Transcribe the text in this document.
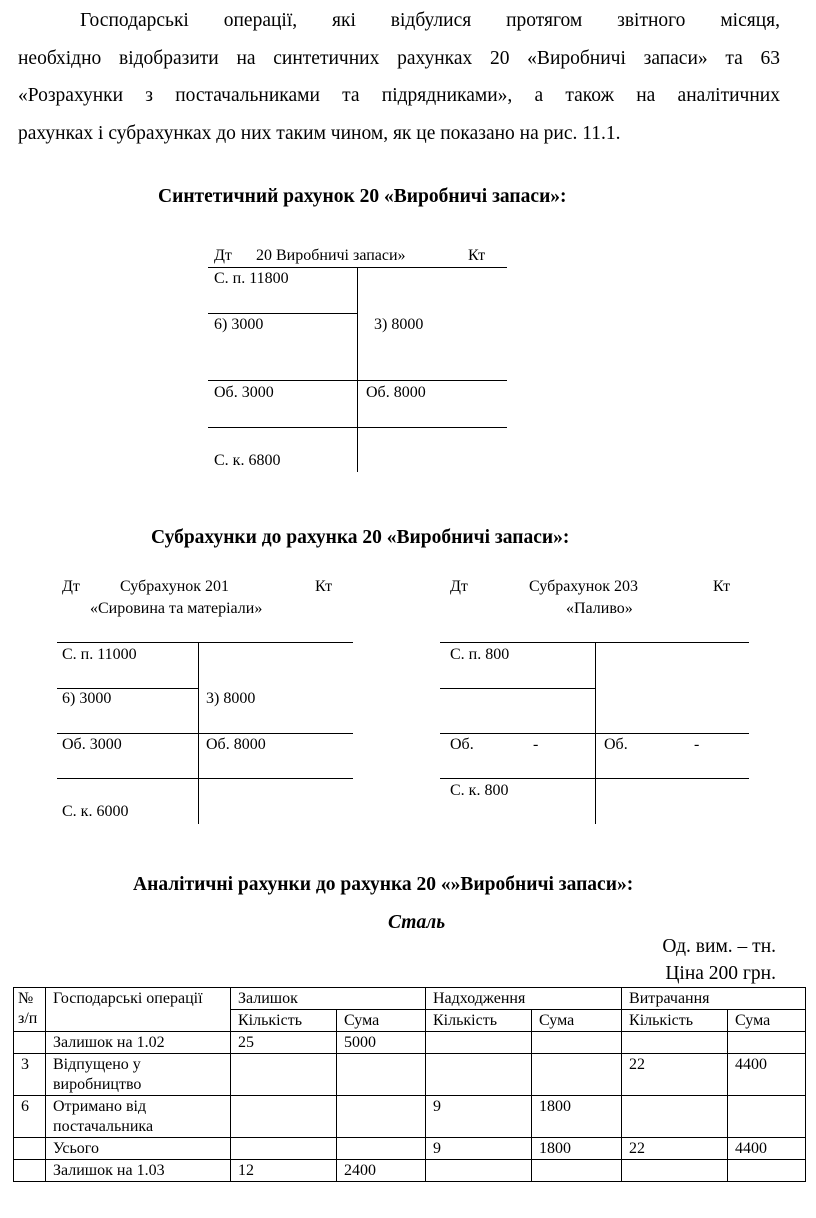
Господарські операції, які відбулися протягом звітного місяця,
необхідно відобразити на синтетичних рахунках 20 «Виробничі запаси» та 63
«Розрахунки з постачальниками та підрядниками», а також на аналітичних
рахунках і субрахунках до них таким чином, як це показано на рис. 11.1.
Синтетичний рахунок 20 «Виробничі запаси»:
Дт 20 Виробничі запаси»	Кт
С. п. 11800
6) 3000	3) 8000
Об. 3000	Об. 8000
С. к. 6800
Субрахунки до рахунка 20 «Виробничі запаси»:
Дт	Субрахунок 201	Кт
«Сировина та матеріали»
С. п. 11000
6) 3000	3) 8000
Об. 3000	Об. 8000
С. к. 6000
Дт	Субрахунок 203	Кт
«Паливо»
С. п. 800
Об.	-	Об.	-
С. к. 800
Аналітичні рахунки до рахунка 20 «»Виробничі запаси»:
Сталь
Од. вим. – тн.
Ціна 200 грн.
№ з/п	Господарські операції	Залишок		Надходження		Витрачання	
		Кількість	Сума	Кількість	Сума	Кількість	Сума
	Залишок на 1.02	25	5000				
3	Відпущено у виробництво					22	4400
6	Отримано від постачальника			9	1800		
	Усього			9	1800	22	4400
	Залишок на 1.03	12	2400				
